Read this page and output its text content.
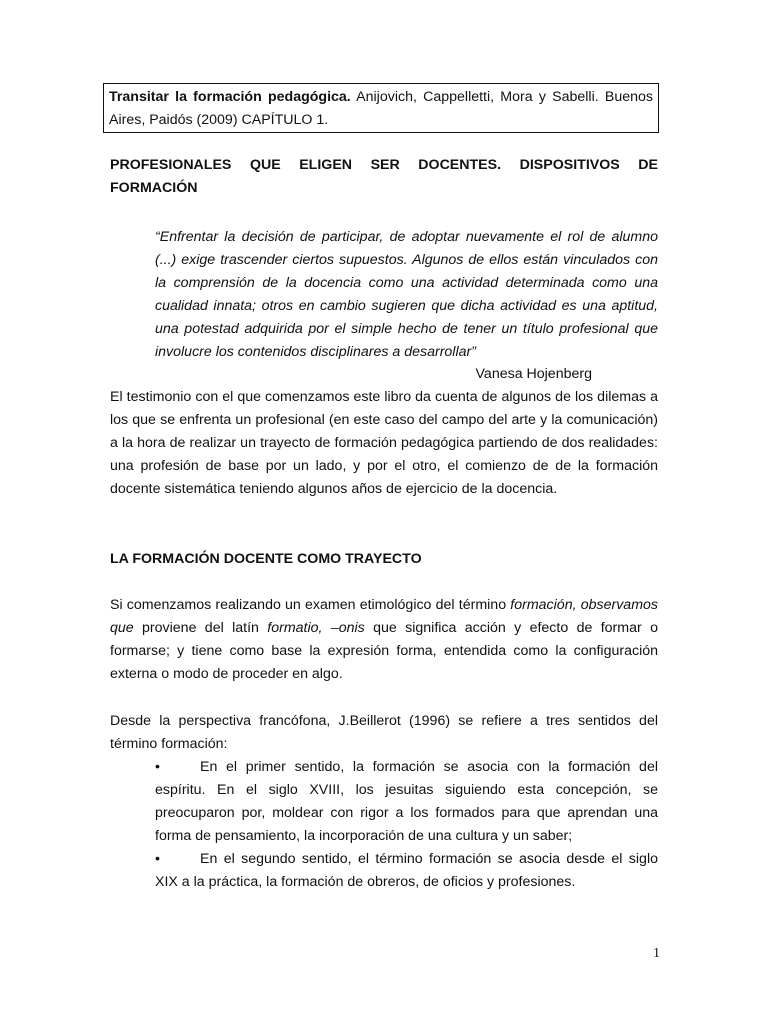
Transitar la formación pedagógica. Anijovich, Cappelletti, Mora y Sabelli. Buenos Aires, Paidós (2009) CAPÍTULO 1.
PROFESIONALES QUE ELIGEN SER DOCENTES. DISPOSITIVOS DE
FORMACIÓN
“Enfrentar la decisión de participar, de adoptar nuevamente el rol de alumno (...) exige trascender ciertos supuestos. Algunos de ellos están vinculados con la comprensión de la docencia como una actividad determinada como una cualidad innata; otros en cambio sugieren que dicha actividad es una aptitud, una potestad adquirida por el simple hecho de tener un título profesional que involucre los contenidos disciplinares a desarrollar”
Vanesa Hojenberg
El testimonio con el que comenzamos este libro da cuenta de algunos de los dilemas a los que se enfrenta un profesional (en este caso del campo del arte y la comunicación) a la hora de realizar un trayecto de formación pedagógica partiendo de dos realidades: una profesión de base por un lado, y por el otro, el comienzo de de la formación docente sistemática teniendo algunos años de ejercicio de la docencia.
LA FORMACIÓN DOCENTE COMO TRAYECTO
Si comenzamos realizando un examen etimológico del término formación, observamos que proviene del latín formatio, –onis que significa acción y efecto de formar o formarse; y tiene como base la expresión forma, entendida como la configuración externa o modo de proceder en algo.
Desde la perspectiva francófona, J.Beillerot (1996) se refiere a tres sentidos del término formación:
•	En el primer sentido, la formación se asocia con la formación del espíritu. En el siglo XVIII, los jesuitas siguiendo esta concepción, se preocuparon por, moldear con rigor a los formados para que aprendan una forma de pensamiento, la incorporación de una cultura y un saber;
•	En el segundo sentido, el término formación se asocia desde el siglo XIX a la práctica, la formación de obreros, de oficios y profesiones.
1
